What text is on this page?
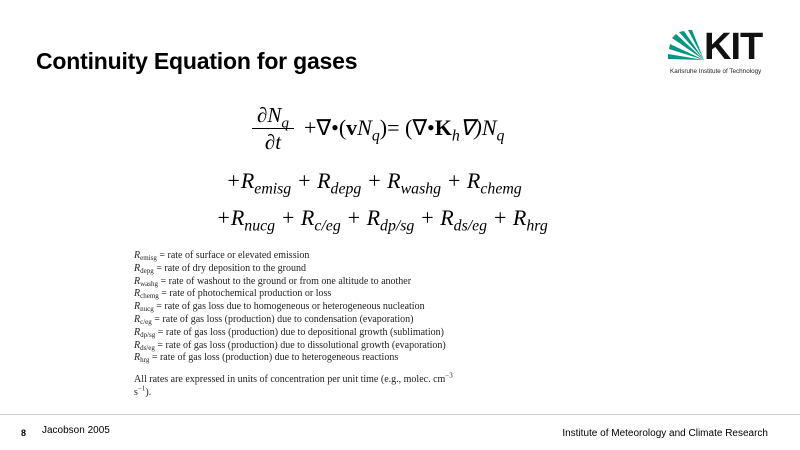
Continuity Equation for gases	KIT
Karlsruhe Institute of Technology
$\partial N_q$
∂t
$+\nabla•(vN_q)=$ $(\nabla•K_h\nabla)N_q$
$+R_{emisg} + R_{depg} + R_{washg} + R_{chemg}$
$+R_{nucg} + R_{c/eg} + R_{dp/sg} + R_{ds/eg} + R_{hrg}$
$R_{emisg}$ = rate of surface or elevated emission
$R_{depg}$ = rate of dry deposition to the ground
$R_{washg}$ = rate of washout to the ground or from one altitude to another
$R_{chemg}$ = rate of photochemical production or loss
$R_{nucg}$ = rate of gas loss due to homogeneous or heterogeneous nucleation
$R_{c/eg}$ = rate of gas loss (production) due to condensation (evaporation)
$R_{dp/sg}$ = rate of gas loss (production) due to depositional growth (sublimation)
$R_{ds/eg}$ = rate of gas loss (production) due to dissolutional growth (evaporation)
$R_{hrg}$ = rate of gas loss (production) due to heterogeneous reactions
All rates are expressed in units of concentration per unit time (e.g., molec. $cm^{-3}$
$s^{-1}$).
8 Jacobson 2005	Institute of Meteorology and Climate Research
